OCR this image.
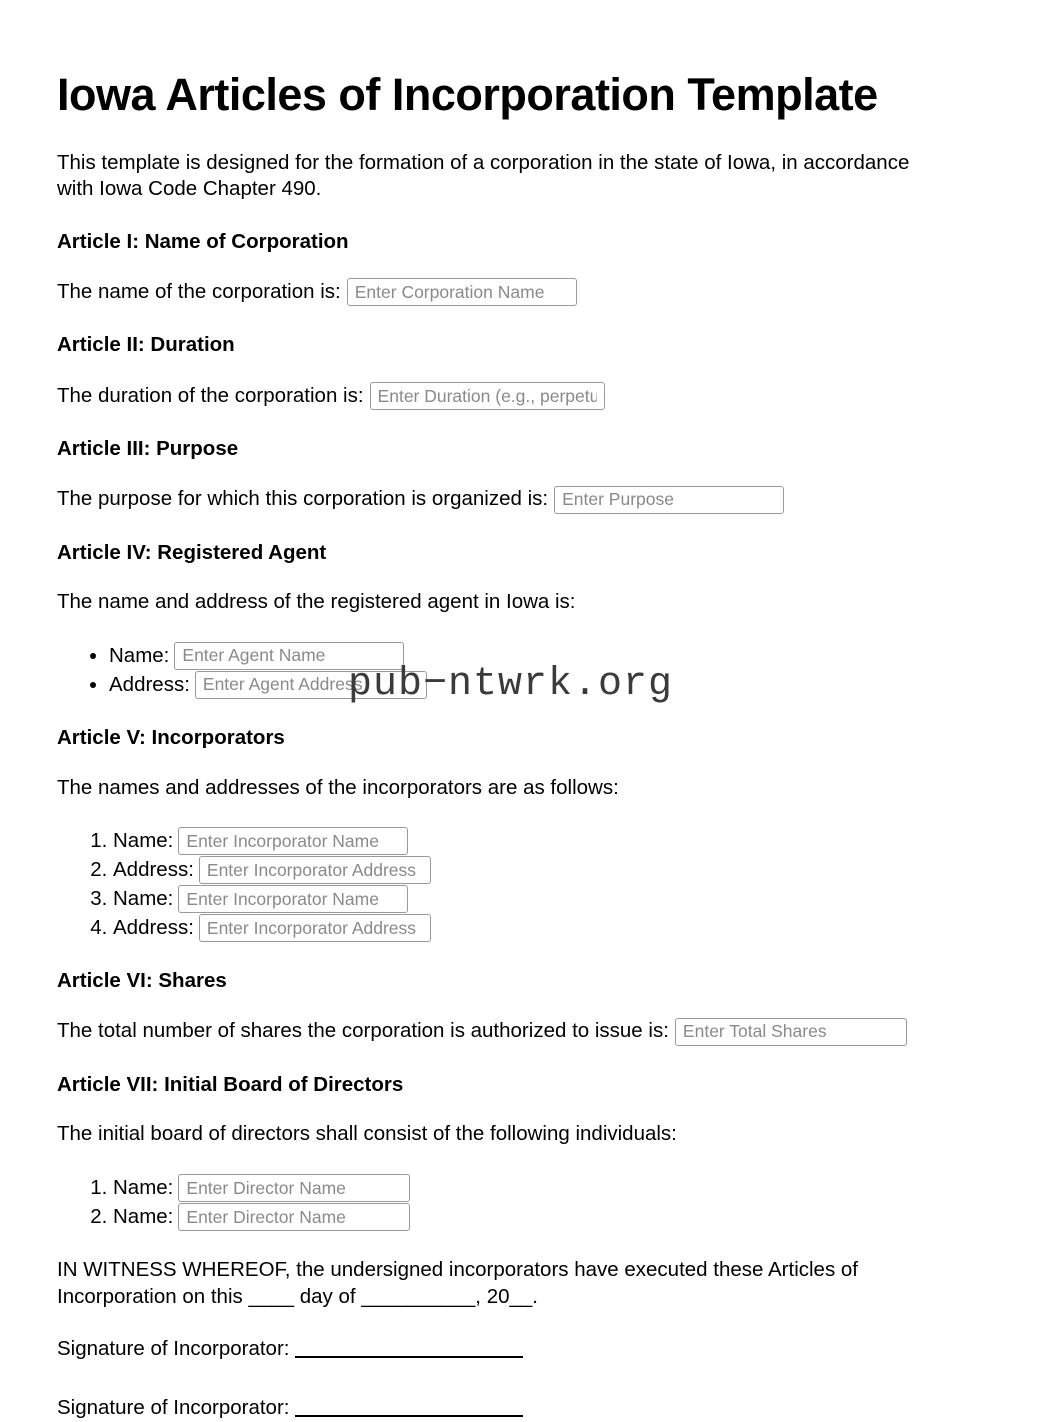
Iowa Articles of Incorporation Template

This template is designed for the formation of a corporation in the state of Iowa, in accordance with Iowa Code Chapter 490.

Article I: Name of Corporation
The name of the corporation is:
Enter Corporation Name
Article II: Duration
The duration of the corporation is:
Enter Duration (e.g., perpetual)
Article III: Purpose
The purpose for which this corporation is organized is:
Enter Purpose
Article IV: Registered Agent

The name and address of the registered agent in Iowa is:

• Name:
Enter Agent Name
• Address:
Enter Agent Address
Article V: Incorporators

The names and addresses of the incorporators are as follows:

1. Name:
Enter Incorporator Name
2. Address:
Enter Incorporator Address
3. Name:
Enter Incorporator Name
4. Address:
Enter Incorporator Address
Article VI: Shares
The total number of shares the corporation is authorized to issue is:
Enter Total Shares
Article VII: Initial Board of Directors

The initial board of directors shall consist of the following individuals:

1. Name:
Enter Director Name
2. Name:
Enter Director Name

IN WITNESS WHEREOF, the undersigned incorporators have executed these Articles of Incorporation on this ____ day of __________, 20__.

Signature of Incorporator:
Signature of Incorporator:
pub−ntwrk.org
